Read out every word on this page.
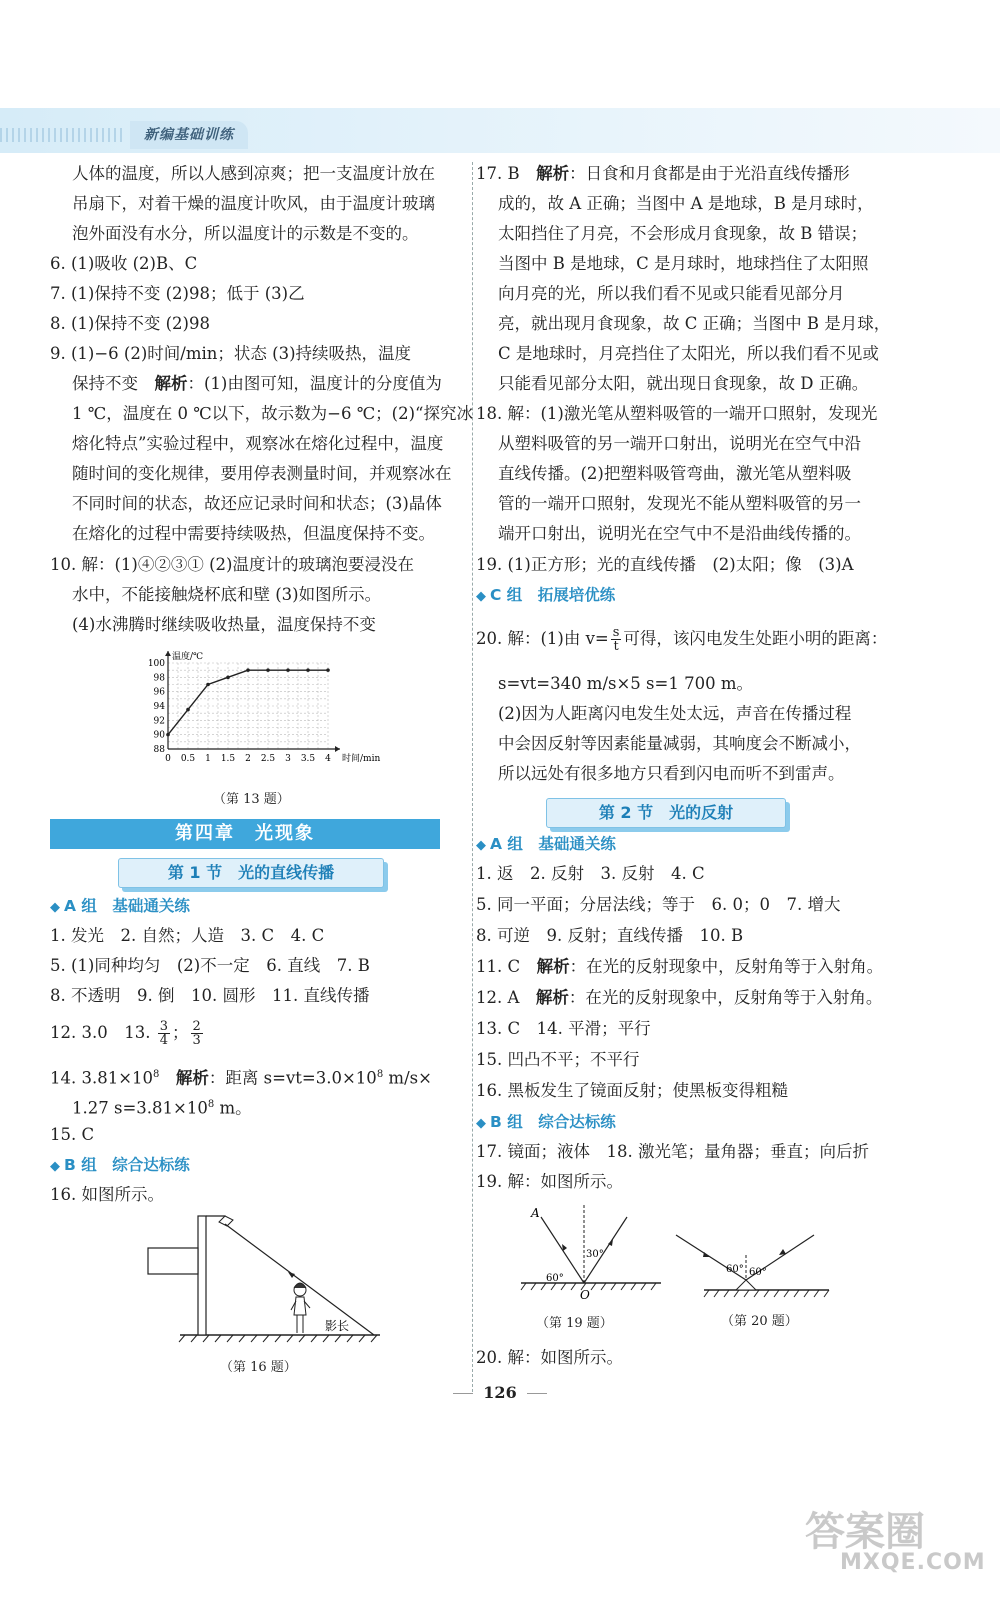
新编基础训练
人体的温度，所以人感到凉爽；把一支温度计放在
吊扇下，对着干燥的温度计吹风，由于温度计玻璃
泡外面没有水分，所以温度计的示数是不变的。
6. (1)吸收 (2)B、C
7. (1)保持不变 (2)98；低于 (3)乙
8. (1)保持不变 (2)98
9. (1)−6 (2)时间/min；状态 (3)持续吸热，温度
保持不变　 解析：(1)由图可知，温度计的分度值为
1 ℃，温度在 0 ℃以下，故示数为−6 ℃；(2)“探究冰
熔化特点”实验过程中，观察冰在熔化过程中，温度
随时间的变化规律，要用停表测量时间，并观察冰在
不同时间的状态，故还应记录时间和状态；(3)晶体
在熔化的过程中需要持续吸热，但温度保持不变。
10. 解：(1)④②③① (2)温度计的玻璃泡要浸没在
水中，不能接触烧杯底和壁 (3)如图所示。
(4)水沸腾时继续吸收热量，温度保持不变
0 0.5 1 1.5 2 2.5 3 3.5 4
88
90
92
94
96
98
100
温度/℃
时间/min
（第 13 题）
第四章　光现象
第 1 节　光的直线传播
◆ A 组　基础通关练
1. 发光　2. 自然；人造　3. C　4. C
5. (1)同种均匀　(2)不一定　6. 直线　7. B
8. 不透明　9. 倒　10. 圆形　11. 直线传播
12. 3.0　13. $\frac{3}{4}$ ； $\frac{2}{3}$
14. $3.81\times 10^8$　 解析：距离 $s=vt=3.0\times 10^8$ m/s×
1.27 $s=3.81\times 10^8$ m。
15. C
◆ B 组　综合达标练
16. 如图所示。
影长
（第 16 题）
17. B　 解析：日食和月食都是由于光沿直线传播形
成的，故 A 正确；当图中 A 是地球，B 是月球时，
太阳挡住了月亮，不会形成月食现象，故 B 错误；
当图中 B 是地球，C 是月球时，地球挡住了太阳照
向月亮的光，所以我们看不见或只能看见部分月
亮，就出现月食现象，故 C 正确；当图中 B 是月球，
C 是地球时，月亮挡住了太阳光，所以我们看不见或
只能看见部分太阳，就出现日食现象，故 D 正确。
18. 解：(1)激光笔从塑料吸管的一端开口照射，发现光
从塑料吸管的另一端开口射出，说明光在空气中沿
直线传播。(2)把塑料吸管弯曲，激光笔从塑料吸
管的一端开口照射，发现光不能从塑料吸管的另一
端开口射出，说明光在空气中不是沿曲线传播的。
19. (1)正方形；光的直线传播　(2)太阳；像　(3)A
◆ C 组　拓展培优练
20. 解：(1)由 $v= \frac{s}{t}$ 可得，该闪电发生处距小明的距离：
s=vt=340 m/s×5 s=1 700 m。
(2)因为人距离闪电发生处太远，声音在传播过程
中会因反射等因素能量减弱，其响度会不断减小，
所以远处有很多地方只看到闪电而听不到雷声。
第 2 节　光的反射
◆ A 组　基础通关练
1. 返　2. 反射　3. 反射　4. C
5. 同一平面；分居法线；等于　6. 0；0　7. 增大
8. 可逆　9. 反射；直线传播　10. B
11. C　 解析：在光的反射现象中，反射角等于入射角。
12. A　 解析：在光的反射现象中，反射角等于入射角。
13. C　14. 平滑；平行
15. 凹凸不平；不平行
16. 黑板发生了镜面反射；使黑板变得粗糙
◆ B 组　综合达标练
17. 镜面；液体　18. 激光笔；量角器；垂直；向后折
19. 解：如图所示。
A
O
30°
60°
（第 19 题）
60° 60°
（第 20 题）
20. 解：如图所示。
126
答案圈
MXQE.COM
